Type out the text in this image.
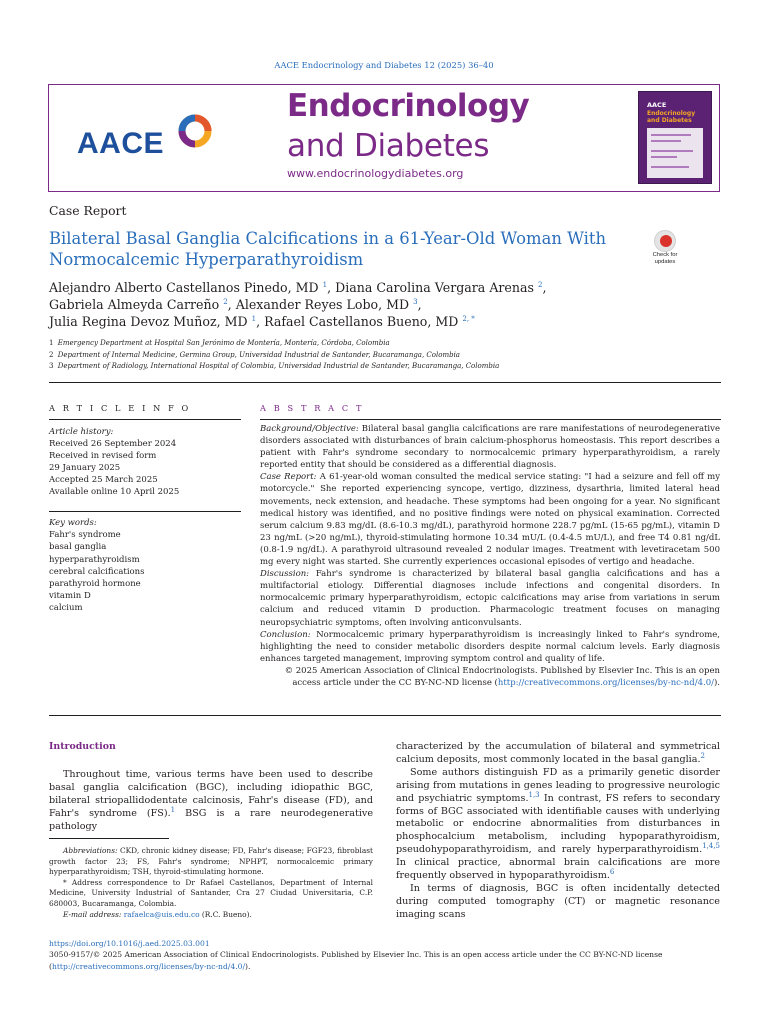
AACE Endocrinology and Diabetes 12 (2025) 36–40
AACE
Endocrinology
and Diabetes
www.endocrinologydiabetes.org
AACE
Endocrinology
and Diabetes
Case Report
Bilateral Basal Ganglia Calcifications in a 61-Year-Old Woman With Normocalcemic Hyperparathyroidism	Check for
updates
Alejandro Alberto Castellanos Pinedo, MD $^1$, Diana Carolina Vergara Arenas $^2$,
Gabriela Almeyda Carreño $^2$, Alexander Reyes Lobo, MD $^3$,
Julia Regina Devoz Muñoz, MD $^1$, Rafael Castellanos Bueno, MD $^{2, *}$
1 Emergency Department at Hospital San Jerónimo de Montería, Montería, Córdoba, Colombia
2 Department of Internal Medicine, Germina Group, Universidad Industrial de Santander, Bucaramanga, Colombia
3 Department of Radiology, International Hospital of Colombia, Universidad Industrial de Santander, Bucaramanga, Colombia
A R T I C L E I N F O
Article history:
Received 26 September 2024
Received in revised form
29 January 2025
Accepted 25 March 2025
Available online 10 April 2025
Key words:
Fahr's syndrome
basal ganglia
hyperparathyroidism
cerebral calcifications
parathyroid hormone
vitamin D
calcium
A B S T R A C T

Background/Objective: Bilateral basal ganglia calcifications are rare manifestations of neurodegenerative disorders associated with disturbances of brain calcium-phosphorus homeostasis. This report describes a patient with Fahr's syndrome secondary to normocalcemic primary hyperparathyroidism, a rarely reported entity that should be considered as a differential diagnosis.

Case Report: A 61-year-old woman consulted the medical service stating: "I had a seizure and fell off my motorcycle." She reported experiencing syncope, vertigo, dizziness, dysarthria, limited lateral head movements, neck extension, and headache. These symptoms had been ongoing for a year. No significant medical history was identified, and no positive findings were noted on physical examination. Corrected serum calcium 9.83 mg/dL (8.6-10.3 mg/dL), parathyroid hormone 228.7 pg/mL (15-65 pg/mL), vitamin D 23 ng/mL (>20 ng/mL), thyroid-stimulating hormone 10.34 mU/L (0.4-4.5 mU/L), and free T4 0.81 ng/dL (0.8-1.9 ng/dL). A parathyroid ultrasound revealed 2 nodular images. Treatment with levetiracetam 500 mg every night was started. She currently experiences occasional episodes of vertigo and headache.

Discussion: Fahr's syndrome is characterized by bilateral basal ganglia calcifications and has a multifactorial etiology. Differential diagnoses include infections and congenital disorders. In normocalcemic primary hyperparathyroidism, ectopic calcifications may arise from variations in serum calcium and reduced vitamin D production. Pharmacologic treatment focuses on managing neuropsychiatric symptoms, often involving anticonvulsants.

Conclusion: Normocalcemic primary hyperparathyroidism is increasingly linked to Fahr's syndrome, highlighting the need to consider metabolic disorders despite normal calcium levels. Early diagnosis enhances targeted management, improving symptom control and quality of life.

© 2025 American Association of Clinical Endocrinologists. Published by Elsevier Inc. This is an open
access article under the CC BY-NC-ND license (http://creativecommons.org/licenses/by-nc-nd/4.0/).
Introduction

Throughout time, various terms have been used to describe basal ganglia calcification (BGC), including idiopathic BGC, bilateral striopallidodentate calcinosis, Fahr's disease (FD), and Fahr's syndrome (FS).$^1$ BSG is a rare neurodegenerative pathology

Abbreviations: CKD, chronic kidney disease; FD, Fahr's disease; FGF23, fibroblast growth factor 23; FS, Fahr's syndrome; NPHPT, normocalcemic primary hyperparathyroidism; TSH, thyroid-stimulating hormone.

* Address correspondence to Dr Rafael Castellanos, Department of Internal Medicine, University Industrial of Santander, Cra 27 Ciudad Universitaria, C.P. 680003, Bucaramanga, Colombia.

E-mail address: rafaelca@uis.edu.co (R.C. Bueno).

characterized by the accumulation of bilateral and symmetrical calcium deposits, most commonly located in the basal ganglia.$^2$

Some authors distinguish FD as a primarily genetic disorder arising from mutations in genes leading to progressive neurologic and psychiatric symptoms.$^{1,3}$ In contrast, FS refers to secondary forms of BGC associated with identifiable causes with underlying metabolic or endocrine abnormalities from disturbances in phosphocalcium metabolism, including hypoparathyroidism, pseudohypoparathyroidism, and rarely hyperparathyroidism.$^{1,4,5}$ In clinical practice, abnormal brain calcifications are more frequently observed in hypoparathyroidism.$^6$

In terms of diagnosis, BGC is often incidentally detected during computed tomography (CT) or magnetic resonance imaging scans

https://doi.org/10.1016/j.aed.2025.03.001
3050-9157/© 2025 American Association of Clinical Endocrinologists. Published by Elsevier Inc. This is an open access article under the CC BY-NC-ND license (http://creativecommons.org/licenses/by-nc-nd/4.0/).
